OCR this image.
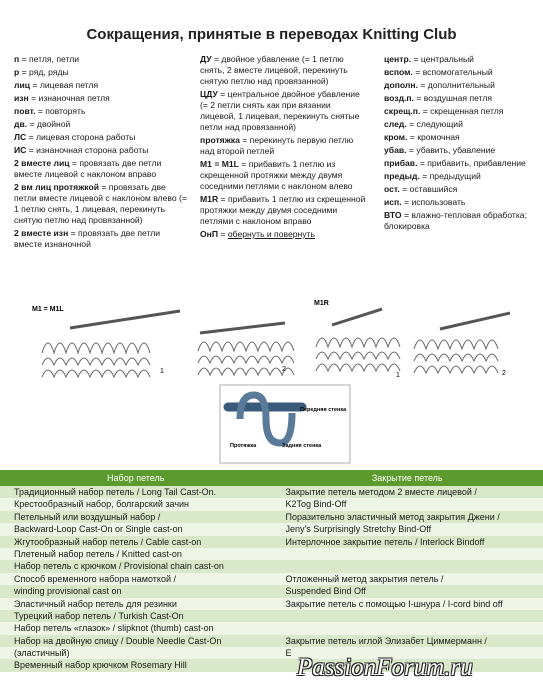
Сокращения, принятые в переводах Knitting Club
п = петля, петли
р = ряд, ряды
лиц = лицевая петля
изн = изнаночная петля
повт. = повторять
дв. = двойной
ЛС = лицевая сторона работы
ИС = изнаночная сторона работы
2 вместе лиц = провязать две петли вместе лицевой с наклоном вправо
2 вм лиц протяжкой = провязать две петли вместе лицевой с наклоном влево (= 1 петлю снять, 1 лицевая, перекинуть снятую петлю над провязанной)
2 вместе изн = провязать две петли вместе изнаночной
ДУ = двойное убавление (= 1 петлю снять, 2 вместе лицевой, перекинуть снятую петлю над провязанной)
ЦДУ = центральное двойное убавление (= 2 петли снять как при вязании лицевой, 1 лицевая, перекинуть снятые петли над провязанной)
протяжка = перекинуть первую петлю над второй петлей
М1 = M1L = прибавить 1 петлю из скрещенной протяжки между двумя соседними петлями с наклоном влево
M1R = прибавить 1 петлю из скрещенной протяжки между двумя соседними петлями с наклоном вправо
ОнП = обернуть и повернуть
центр. = центральный
вспом. = вспомогательный
дополн. = дополнительный
возд.п. = воздушная петля
скрещ.п. = скрещенная петля
след. = следующий
кром. = кромочная
убав. = убавить, убавление
прибав. = прибавить, прибавление
предыд. = предыдущий
ост. = оставшийся
исп. = использовать
ВТО = влажно-тепловая обработка; блокировка
M1 = M1L
1	2
M1R
1	2
Передняя стенка
Протяжка	Задняя стенка
Набор петель	Закрытие петель
Традиционный набор петель / Long Tail Cast-On.	Закрытие петель методом 2 вместе лицевой /
Крестообразный набор, болгарский зачин	K2Tog Bind-Off
Петельный или воздушный набор /	Поразительно эластичный метод закрытия Джени /
Backward-Loop Cast-On or Single cast-on	Jeny's Surprisingly Stretchy Bind-Off
Жгутообразный набор петель / Cable cast-on	Интерлочное закрытие петель / Interlock Bindoff
Плетеный набор петель / Knitted cast-on
Набор петель с крючком / Provisional chain cast-on
Способ временного набора намоткой /	Отложенный метод закрытия петель /
winding provisional cast on	Suspended Bind Off
Эластичный набор петель для резинки	Закрытие петель с помощью I-шнура / I-cord bind off
Турецкий набор петель / Turkish Cast-On
Набор петель «глазок» / slipknot (thumb) cast-on
Набор на двойную спицу / Double Needle Cast-On	Закрытие петель иглой Элизабет Циммерманн /
(эластичный)	E
Временный набор крючком Rosemary Hill	PassionForum.ru
